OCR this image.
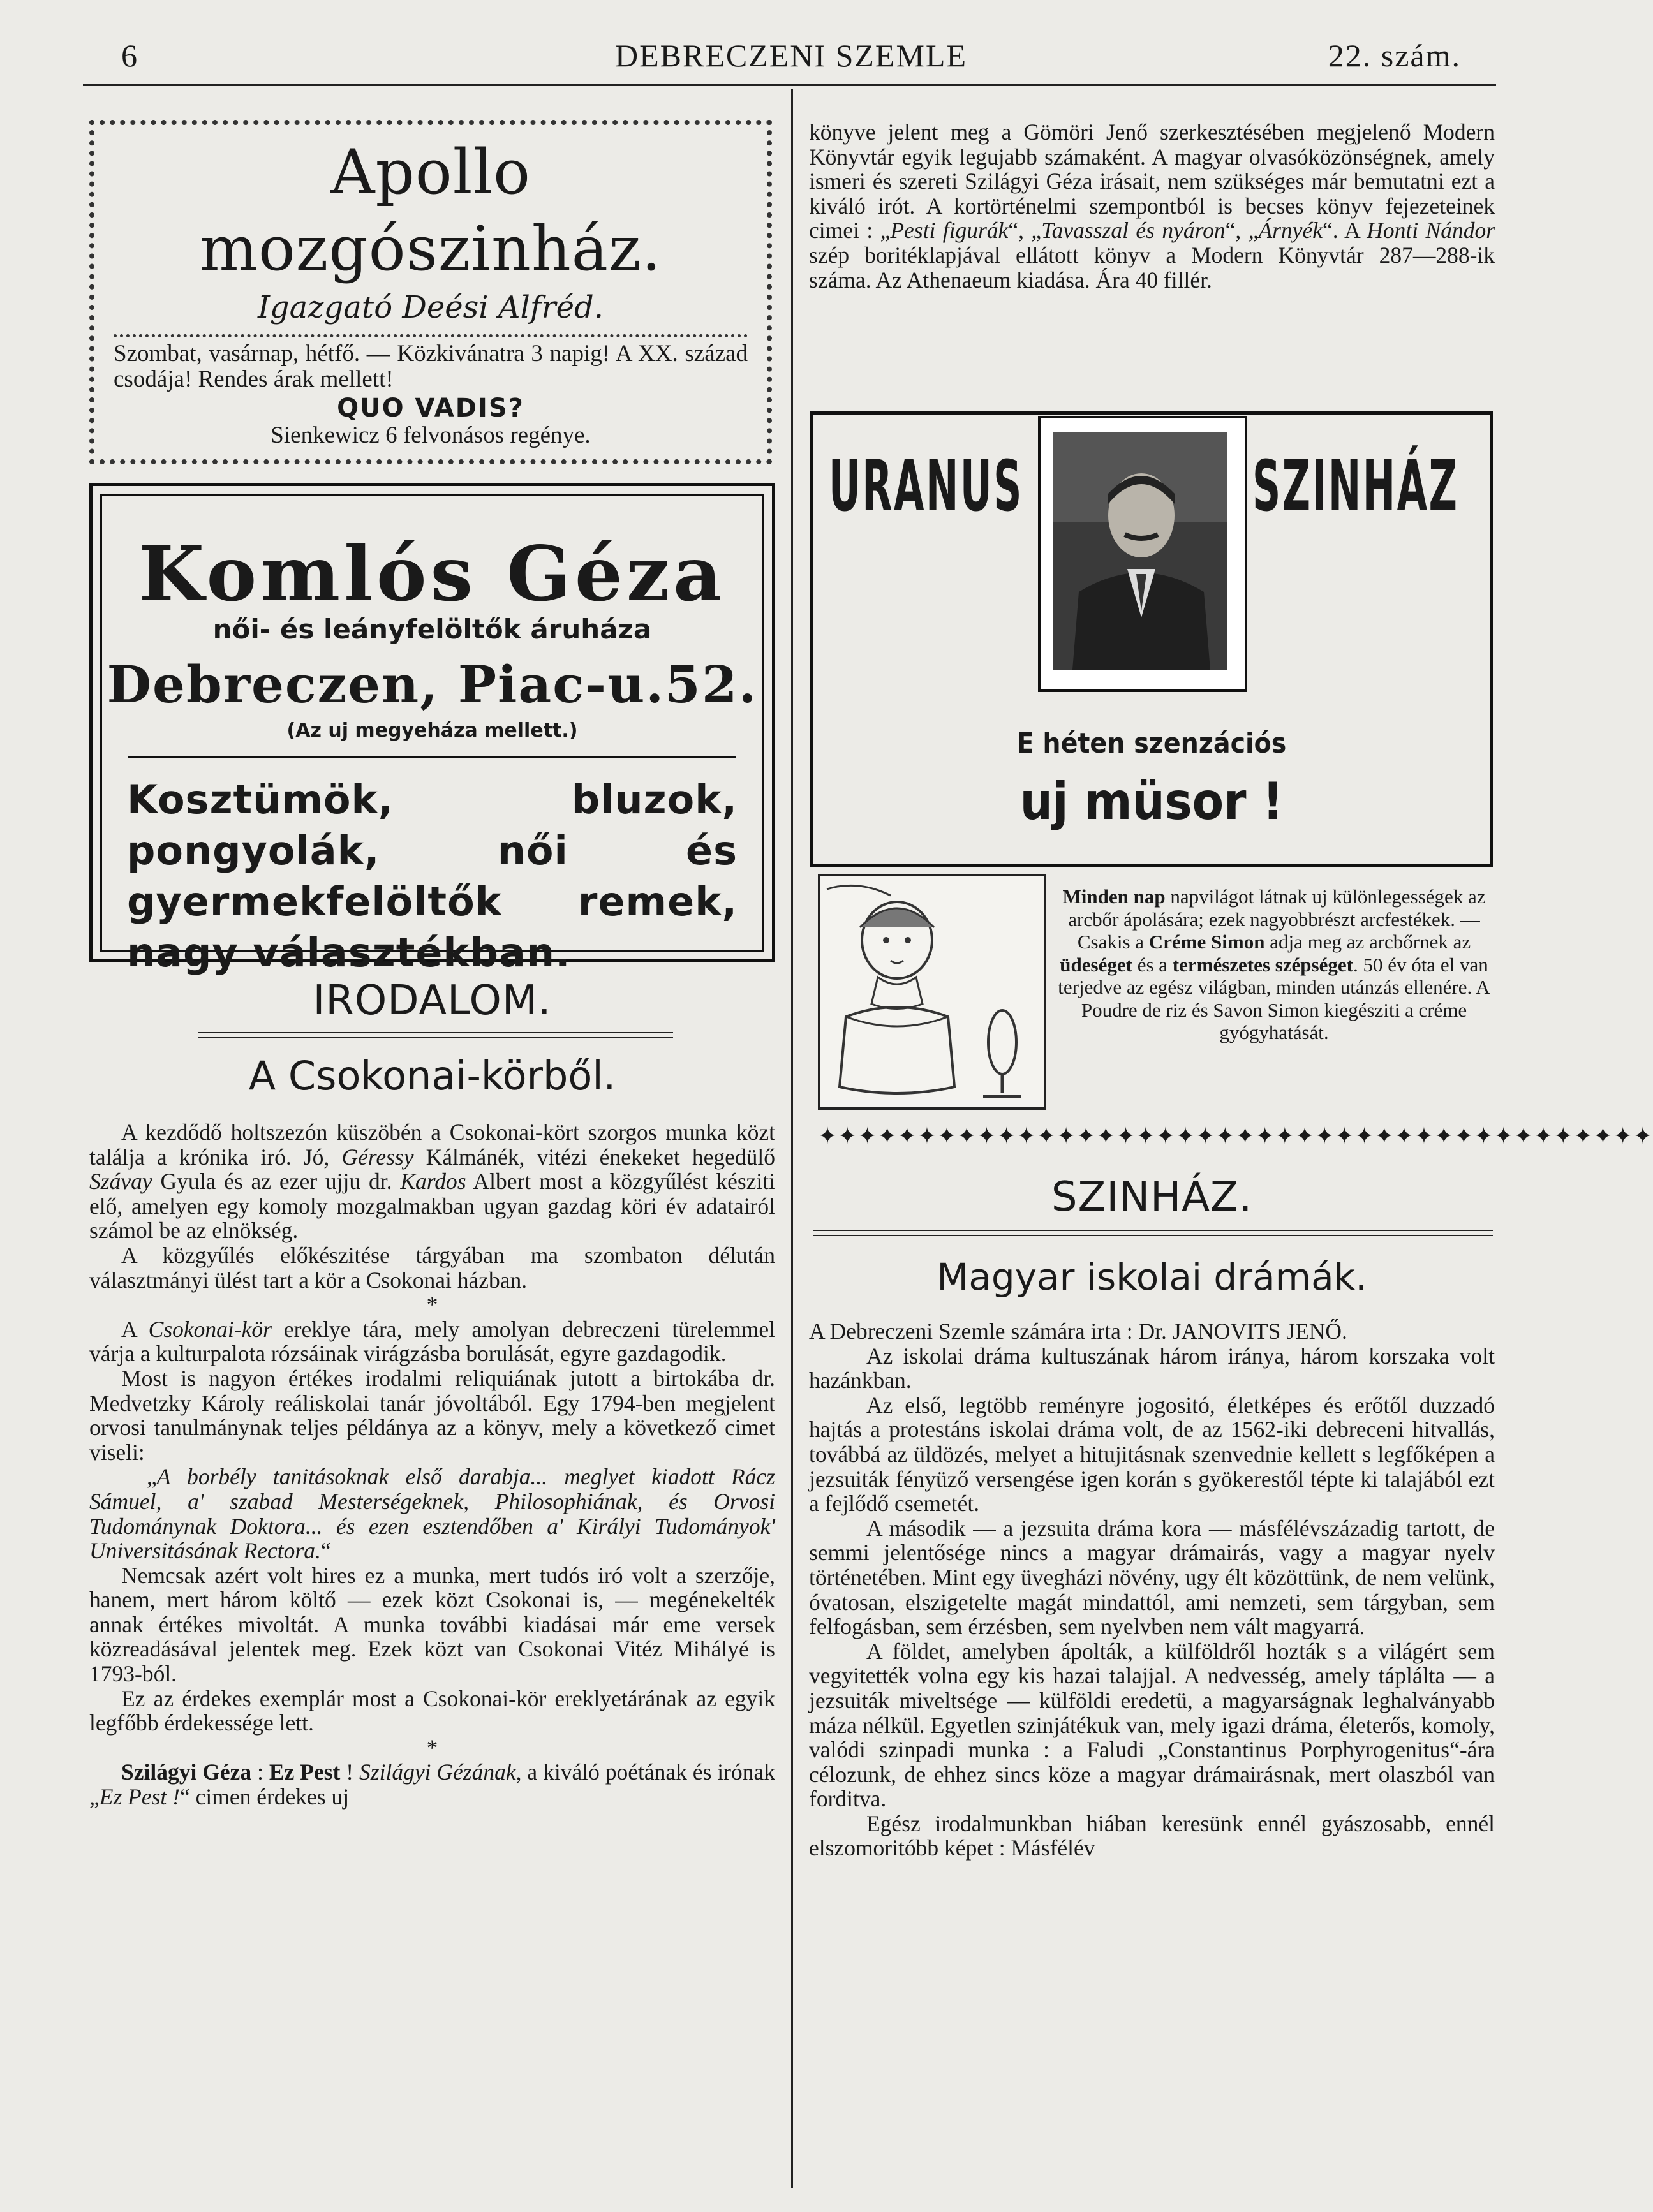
6	DEBRECZENI SZEMLE	22. szám.
Apollo mozgószinház.
Igazgató Deési Alfréd.
Szombat, vasárnap, hétfő. — Közkivánatra 3 napig! A XX. század csodája! Rendes árak mellett!
QUO VADIS?
Sienkewicz 6 felvonásos regénye.
Komlós Géza
női- és leányfelöltők áruháza
Debreczen, Piac-u.52.
(Az uj megyeháza mellett.)
Kosztümök, bluzok, pongyolák, női és gyermekfelöltők remek, nagy választékban.
IRODALOM.
A Csokonai-körből.

A kezdődő holtszezón küszöbén a Csokonai-kört szorgos munka közt találja a krónika iró. Jó, Géressy Kálmánék, vitézi énekeket hegedülő Szávay Gyula és az ezer ujju dr. Kardos Albert most a közgyűlést késziti elő, amelyen egy komoly mozgalmakban ugyan gazdag köri év adatairól számol be az elnökség.

A közgyűlés előkészitése tárgyában ma szombaton délután választmányi ülést tart a kör a Csokonai házban.

*

A Csokonai-kör ereklye tára, mely amolyan debreczeni türelemmel várja a kulturpalota rózsáinak virágzásba borulását, egyre gazdagodik.

Most is nagyon értékes irodalmi reliquiának jutott a birtokába dr. Medvetzky Károly reáliskolai tanár jóvoltából. Egy 1794-ben megjelent orvosi tanulmánynak teljes példánya az a könyv, mely a következő cimet viseli:

„A borbély tanitásoknak első darabja... meglyet kiadott Rácz Sámuel, a' szabad Mesterségeknek, Philosophiának, és Orvosi Tudománynak Doktora... és ezen esztendőben a' Királyi Tudományok' Universitásának Rectora.“

Nemcsak azért volt hires ez a munka, mert tudós iró volt a szerzője, hanem, mert három költő — ezek közt Csokonai is, — megénekelték annak értékes mivoltát. A munka további kiadásai már eme versek közreadásával jelentek meg. Ezek közt van Csokonai Vitéz Mihályé is 1793-ból.

Ez az érdekes exemplár most a Csokonai-kör ereklyetárának az egyik legfőbb érdekessége lett.

*

Szilágyi Géza : Ez Pest ! Szilágyi Gézának, a kiváló poétának és irónak „Ez Pest !“ cimen érdekes uj

könyve jelent meg a Gömöri Jenő szerkesztésében megjelenő Modern Könyvtár egyik legujabb számaként. A magyar olvasóközönségnek, amely ismeri és szereti Szilágyi Géza irásait, nem szükséges már bemutatni ezt a kiváló irót. A kortörténelmi szempontból is becses könyv fejezeteinek cimei : „Pesti figurák“, „Tavasszal és nyáron“, „Árnyék“. A Honti Nándor szép boritéklapjával ellátott könyv a Modern Könyvtár 287—288-ik száma. Az Athenaeum kiadása. Ára 40 fillér.

URANUS	SZINHÁZ
E héten szenzációs
uj müsor !
Minden nap napvilágot látnak uj különlegességek az arcbőr ápolására; ezek nagyobbrészt arcfestékek. — Csakis a Créme Simon adja meg az arcbőrnek az üdeséget és a természetes szépséget. 50 év óta el van terjedve az egész világban, minden utánzás ellenére. A Poudre de riz és Savon Simon kiegésziti a créme gyógyhatását.
✦✦✦✦✦✦✦✦✦✦✦✦✦✦✦✦✦✦✦✦✦✦✦✦✦✦✦✦✦✦✦✦✦✦✦✦✦✦✦✦✦✦
SZINHÁZ.
Magyar iskolai drámák.

A Debreczeni Szemle számára irta : Dr. JANOVITS JENŐ.

Az iskolai dráma kultuszának három iránya, három korszaka volt hazánkban.

Az első, legtöbb reményre jogositó, életképes és erőtől duzzadó hajtás a protestáns iskolai dráma volt, de az 1562-iki debreceni hitvallás, továbbá az üldözés, melyet a hitujitásnak szenvednie kellett s legfőképen a jezsuiták fényüző versengése igen korán s gyökerestől tépte ki talajából ezt a fejlődő csemetét.

A második — a jezsuita dráma kora — másfélévszázadig tartott, de semmi jelentősége nincs a magyar drámairás, vagy a magyar nyelv történetében. Mint egy üvegházi növény, ugy élt közöttünk, de nem velünk, óvatosan, elszigetelte magát mindattól, ami nemzeti, sem tárgyban, sem felfogásban, sem érzésben, sem nyelvben nem vált magyarrá.

A földet, amelyben ápolták, a külföldről hozták s a világért sem vegyitették volna egy kis hazai talajjal. A nedvesség, amely táplálta — a jezsuiták miveltsége — külföldi eredetü, a magyarságnak leghalványabb máza nélkül. Egyetlen szinjátékuk van, mely igazi dráma, életerős, komoly, valódi szinpadi munka : a Faludi „Constantinus Porphyrogenitus“-ára célozunk, de ehhez sincs köze a magyar drámairásnak, mert olaszból van forditva.

Egész irodalmunkban hiában keresünk ennél gyászosabb, ennél elszomoritóbb képet : Másfélév
